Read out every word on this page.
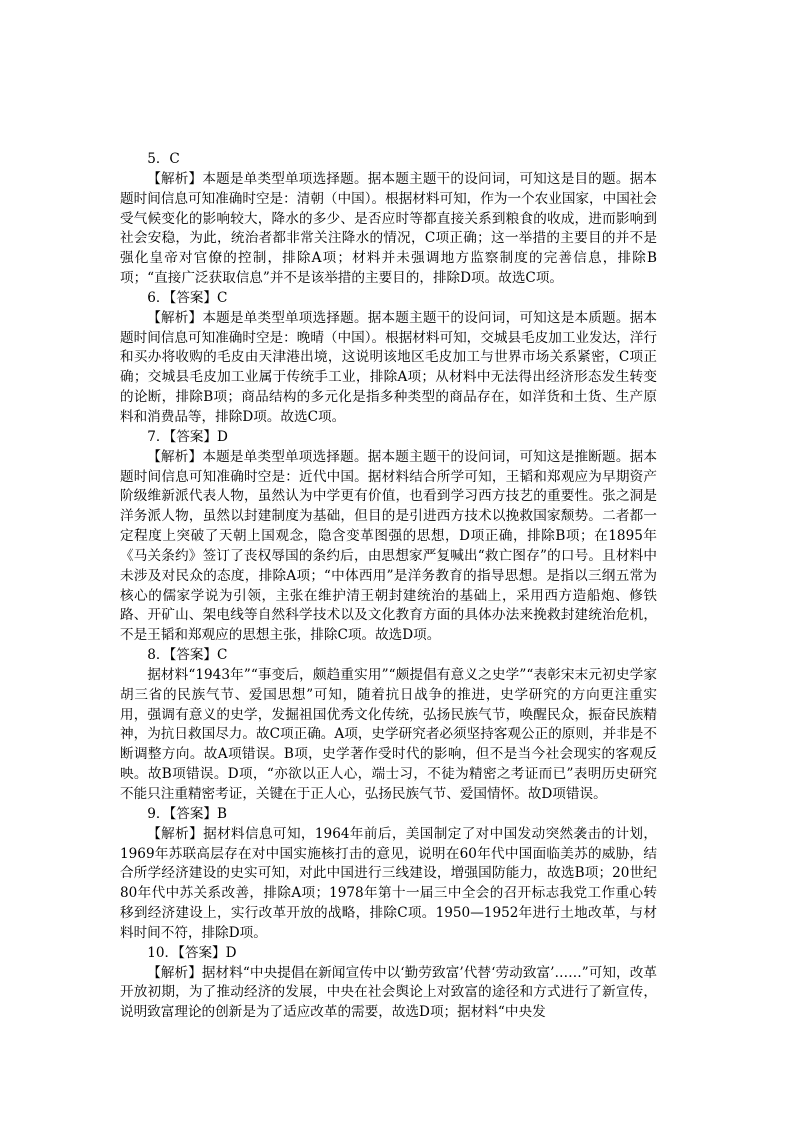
5．C

【解析】本题是单类型单项选择题。据本题主题干的设问词，可知这是目的题。据本题时间信息可知准确时空是：清朝（中国）。根据材料可知，作为一个农业国家，中国社会受气候变化的影响较大，降水的多少、是否应时等都直接关系到粮食的收成，进而影响到社会安稳，为此，统治者都非常关注降水的情况，C项正确；这一举措的主要目的并不是强化皇帝对官僚的控制，排除A项；材料并未强调地方监察制度的完善信息，排除B项；“直接广泛获取信息”并不是该举措的主要目的，排除D项。故选C项。

6．【答案】C

【解析】本题是单类型单项选择题。据本题主题干的设问词，可知这是本质题。据本题时间信息可知准确时空是：晚晴（中国）。根据材料可知，交城县毛皮加工业发达，洋行和买办将收购的毛皮由天津港出境，这说明该地区毛皮加工与世界市场关系紧密，C项正确；交城县毛皮加工业属于传统手工业，排除A项；从材料中无法得出经济形态发生转变的论断，排除B项；商品结构的多元化是指多种类型的商品存在，如洋货和土货、生产原料和消费品等，排除D项。故选C项。

7．【答案】D

【解析】本题是单类型单项选择题。据本题主题干的设问词，可知这是推断题。据本题时间信息可知准确时空是：近代中国。据材料结合所学可知，王韬和郑观应为早期资产阶级维新派代表人物，虽然认为中学更有价值，也看到学习西方技艺的重要性。张之洞是洋务派人物，虽然以封建制度为基础，但目的是引进西方技术以挽救国家颓势。二者都一定程度上突破了天朝上国观念，隐含变革图强的思想，D项正确，排除B项；在1895年《马关条约》签订了丧权辱国的条约后，由思想家严复喊出“救亡图存”的口号。且材料中未涉及对民众的态度，排除A项；“中体西用”是洋务教育的指导思想。是指以三纲五常为核心的儒家学说为引领，主张在维护清王朝封建统治的基础上，采用西方造船炮、修铁路、开矿山、架电线等自然科学技术以及文化教育方面的具体办法来挽救封建统治危机，不是王韬和郑观应的思想主张，排除C项。故选D项。

8．【答案】C

据材料“1943年”“事变后，颇趋重实用”“颇提倡有意义之史学”“表彰宋末元初史学家胡三省的民族气节、爱国思想”可知，随着抗日战争的推进，史学研究的方向更注重实用，强调有意义的史学，发掘祖国优秀文化传统，弘扬民族气节，唤醒民众，振奋民族精神，为抗日救国尽力。故C项正确。A项，史学研究者必须坚持客观公正的原则，并非是不断调整方向。故A项错误。B项，史学著作受时代的影响，但不是当今社会现实的客观反映。故B项错误。D项，“亦欲以正人心，端士习，不徒为精密之考证而已”表明历史研究不能只注重精密考证，关键在于正人心，弘扬民族气节、爱国情怀。故D项错误。

9．【答案】B

【解析】据材料信息可知，1964年前后，美国制定了对中国发动突然袭击的计划，1969年苏联高层存在对中国实施核打击的意见，说明在60年代中国面临美苏的威胁，结合所学经济建设的史实可知，对此中国进行三线建设，增强国防能力，故选B项；20世纪80年代中苏关系改善，排除A项；1978年第十一届三中全会的召开标志我党工作重心转移到经济建设上，实行改革开放的战略，排除C项。1950—1952年进行土地改革，与材料时间不符，排除D项。

10．【答案】D

【解析】据材料“中央提倡在新闻宣传中以‘勤劳致富’代替‘劳动致富’……”可知，改革开放初期，为了推动经济的发展，中央在社会舆论上对致富的途径和方式进行了新宣传，说明致富理论的创新是为了适应改革的需要，故选D项；据材料“中央发
